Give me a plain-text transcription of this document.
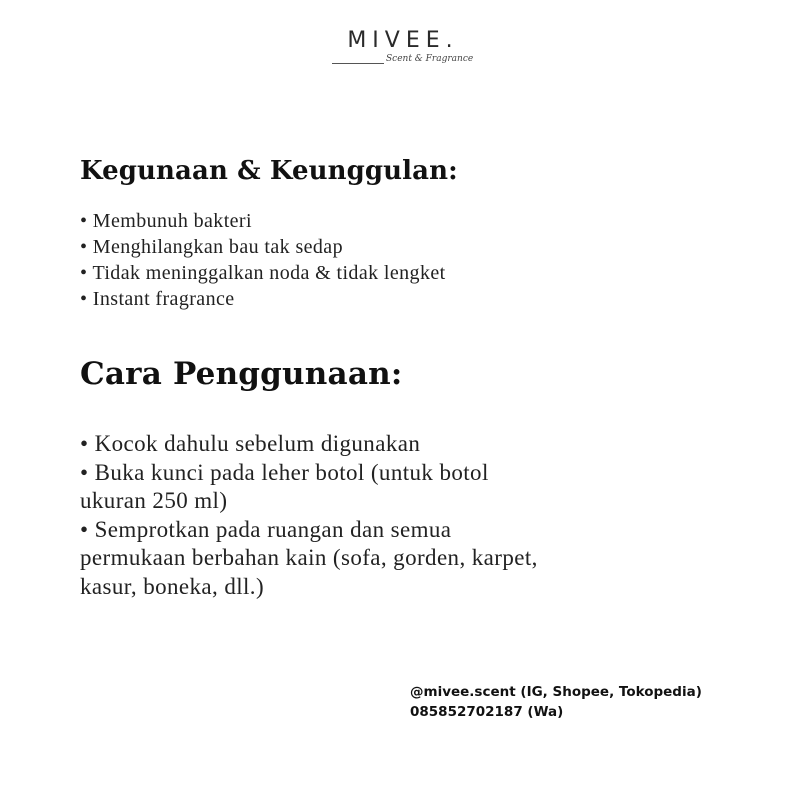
MIVEE.
Scent & Fragrance
Kegunaan & Keunggulan:
• Membunuh bakteri
• Menghilangkan bau tak sedap
• Tidak meninggalkan noda & tidak lengket
• Instant fragrance
Cara Penggunaan:
• Kocok dahulu sebelum digunakan
• Buka kunci pada leher botol (untuk botol ukuran 250 ml)
• Semprotkan pada ruangan dan semua permukaan berbahan kain (sofa, gorden, karpet, kasur, boneka, dll.)
@mivee.scent (IG, Shopee, Tokopedia)
085852702187 (Wa)
